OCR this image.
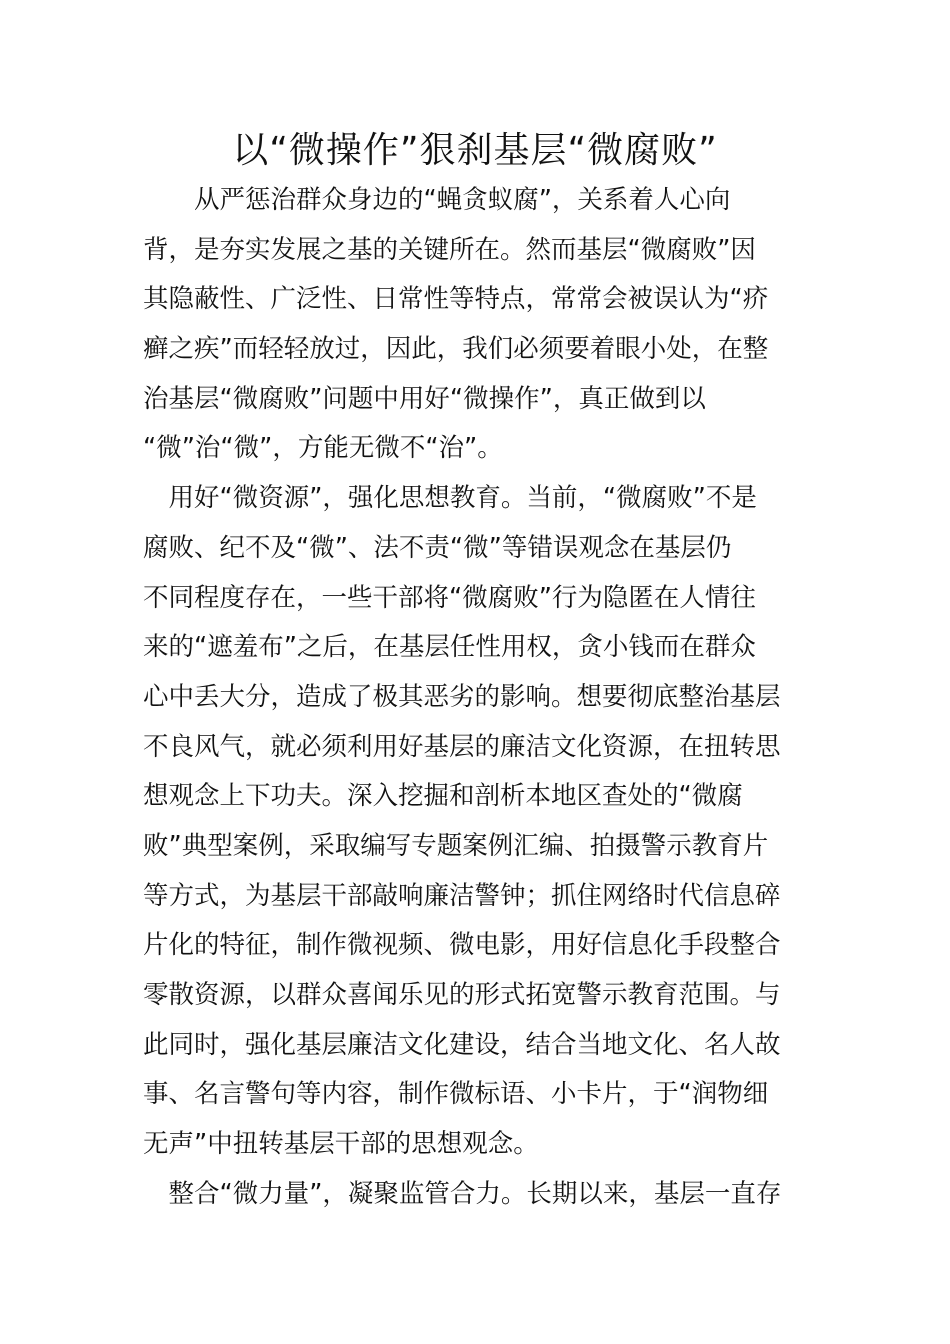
以“微操作”狠刹基层“微腐败”
　　从严惩治群众身边的“蝇贪蚁腐”，关系着人心向
背，是夯实发展之基的关键所在。然而基层“微腐败”因
其隐蔽性、广泛性、日常性等特点，常常会被误认为“疥
癣之疾”而轻轻放过，因此，我们必须要着眼小处，在整
治基层“微腐败”问题中用好“微操作”，真正做到以
“微”治“微”，方能无微不“治”。
　用好“微资源”，强化思想教育。当前，“微腐败”不是
腐败、纪不及“微”、法不责“微”等错误观念在基层仍
不同程度存在，一些干部将“微腐败”行为隐匿在人情往
来的“遮羞布”之后，在基层任性用权，贪小钱而在群众
心中丢大分，造成了极其恶劣的影响。想要彻底整治基层
不良风气，就必须利用好基层的廉洁文化资源，在扭转思
想观念上下功夫。深入挖掘和剖析本地区查处的“微腐
败”典型案例，采取编写专题案例汇编、拍摄警示教育片
等方式，为基层干部敲响廉洁警钟；抓住网络时代信息碎
片化的特征，制作微视频、微电影，用好信息化手段整合
零散资源，以群众喜闻乐见的形式拓宽警示教育范围。与
此同时，强化基层廉洁文化建设，结合当地文化、名人故
事、名言警句等内容，制作微标语、小卡片，于“润物细
无声”中扭转基层干部的思想观念。
　整合“微力量”，凝聚监管合力。长期以来，基层一直存
